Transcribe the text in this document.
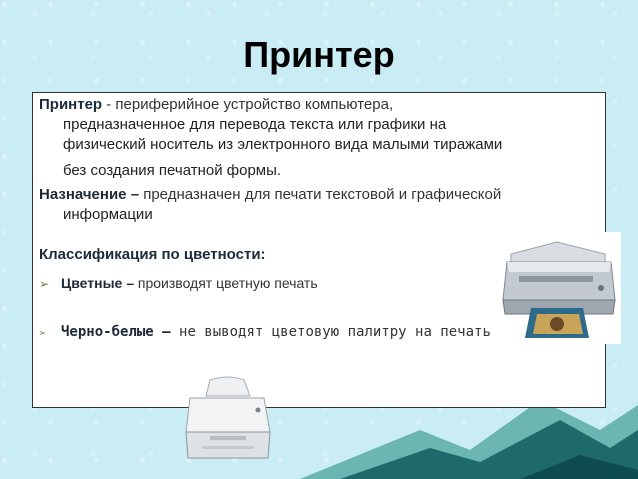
Принтер

Принтер - периферийное устройство компьютера,

предназначенное для перевода текста или графики на

физический носитель из электронного вида малыми тиражами

без создания печатной формы.

Назначение – предназначен для печати текстовой и графической

информации

Классификация по цветности:

➢ Цветные – производят цветную печать
➢	Черно-белые – не выводят цветовую палитру на печать
